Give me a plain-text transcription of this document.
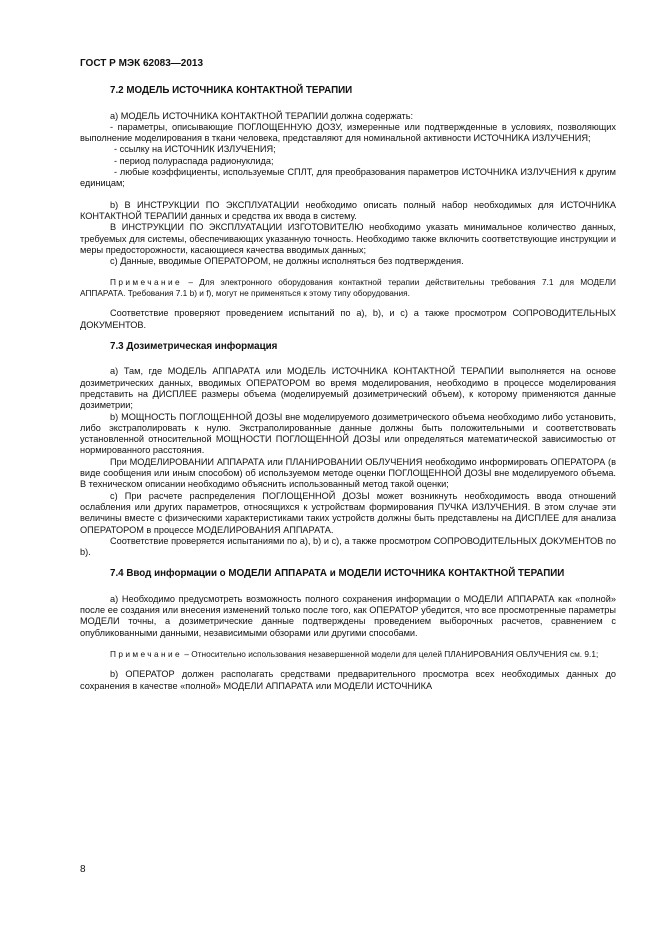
ГОСТ Р МЭК 62083—2013
7.2 МОДЕЛЬ ИСТОЧНИКА КОНТАКТНОЙ ТЕРАПИИ

а) МОДЕЛЬ ИСТОЧНИКА КОНТАКТНОЙ ТЕРАПИИ должна содержать:

- параметры, описывающие ПОГЛОЩЕННУЮ ДОЗУ, измеренные или подтвержденные в условиях, позволяющих выполнение моделирования в ткани человека, представляют для номинальной активности ИСТОЧНИКА ИЗЛУЧЕНИЯ;

- ссылку на ИСТОЧНИК ИЗЛУЧЕНИЯ;

- период полураспада радионуклида;

- любые коэффициенты, используемые СПЛТ, для преобразования параметров ИСТОЧНИКА ИЗЛУЧЕНИЯ к другим единицам;

b) В ИНСТРУКЦИИ ПО ЭКСПЛУАТАЦИИ необходимо описать полный набор необходимых для ИСТОЧНИКА КОНТАКТНОЙ ТЕРАПИИ данных и средства их ввода в систему.

В ИНСТРУКЦИИ ПО ЭКСПЛУАТАЦИИ ИЗГОТОВИТЕЛЮ необходимо указать минимальное количество данных, требуемых для системы, обеспечивающих указанную точность. Необходимо также включить соответствующие инструкции и меры предосторожности, касающиеся качества вводимых данных;

с) Данные, вводимые ОПЕРАТОРОМ, не должны исполняться без подтверждения.

Примечание – Для электронного оборудования контактной терапии действительны требования 7.1 для МОДЕЛИ АППАРАТА. Требования 7.1 b) и f), могут не применяться к этому типу оборудования.

Соответствие проверяют проведением испытаний по а), b), и с) а также просмотром СОПРОВОДИТЕЛЬНЫХ ДОКУМЕНТОВ.

7.3 Дозиметрическая информация

а) Там, где МОДЕЛЬ АППАРАТА или МОДЕЛЬ ИСТОЧНИКА КОНТАКТНОЙ ТЕРАПИИ выполняется на основе дозиметрических данных, вводимых ОПЕРАТОРОМ во время моделирования, необходимо в процессе моделирования представить на ДИСПЛЕЕ размеры объема (моделируемый дозиметрический объем), к которому применяются данные дозиметрии;

b) МОЩНОСТЬ ПОГЛОЩЕННОЙ ДОЗЫ вне моделируемого дозиметрического объема необходимо либо установить, либо экстраполировать к нулю. Экстраполированные данные должны быть положительными и соответствовать установленной относительной МОЩНОСТИ ПОГЛОЩЕННОЙ ДОЗЫ или определяться математической зависимостью от нормированного расстояния.

При МОДЕЛИРОВАНИИ АППАРАТА или ПЛАНИРОВАНИИ ОБЛУЧЕНИЯ необходимо информировать ОПЕРАТОРА (в виде сообщения или иным способом) об используемом методе оценки ПОГЛОЩЕННОЙ ДОЗЫ вне моделируемого объема. В техническом описании необходимо объяснить использованный метод такой оценки;

с) При расчете распределения ПОГЛОЩЕННОЙ ДОЗЫ может возникнуть необходимость ввода отношений ослабления или других параметров, относящихся к устройствам формирования ПУЧКА ИЗЛУЧЕНИЯ. В этом случае эти величины вместе с физическими характеристиками таких устройств должны быть представлены на ДИСПЛЕЕ для анализа ОПЕРАТОРОМ в процессе МОДЕЛИРОВАНИЯ АППАРАТА.

Соответствие проверяется испытаниями по а), b) и с), а также просмотром СОПРОВОДИТЕЛЬНЫХ ДОКУМЕНТОВ по b).

7.4 Ввод информации о МОДЕЛИ АППАРАТА и МОДЕЛИ ИСТОЧНИКА КОНТАКТНОЙ ТЕРАПИИ

а) Необходимо предусмотреть возможность полного сохранения информации о МОДЕЛИ АППАРАТА как «полной» после ее создания или внесения изменений только после того, как ОПЕРАТОР убедится, что все просмотренные параметры МОДЕЛИ точны, а дозиметрические данные подтверждены проведением выборочных расчетов, сравнением с опубликованными данными, независимыми обзорами или другими способами.

Примечание – Относительно использования незавершенной модели для целей ПЛАНИРОВАНИЯ ОБЛУЧЕНИЯ см. 9.1;

b) ОПЕРАТОР должен располагать средствами предварительного просмотра всех необходимых данных до сохранения в качестве «полной» МОДЕЛИ АППАРАТА или МОДЕЛИ ИСТОЧНИКА

8
